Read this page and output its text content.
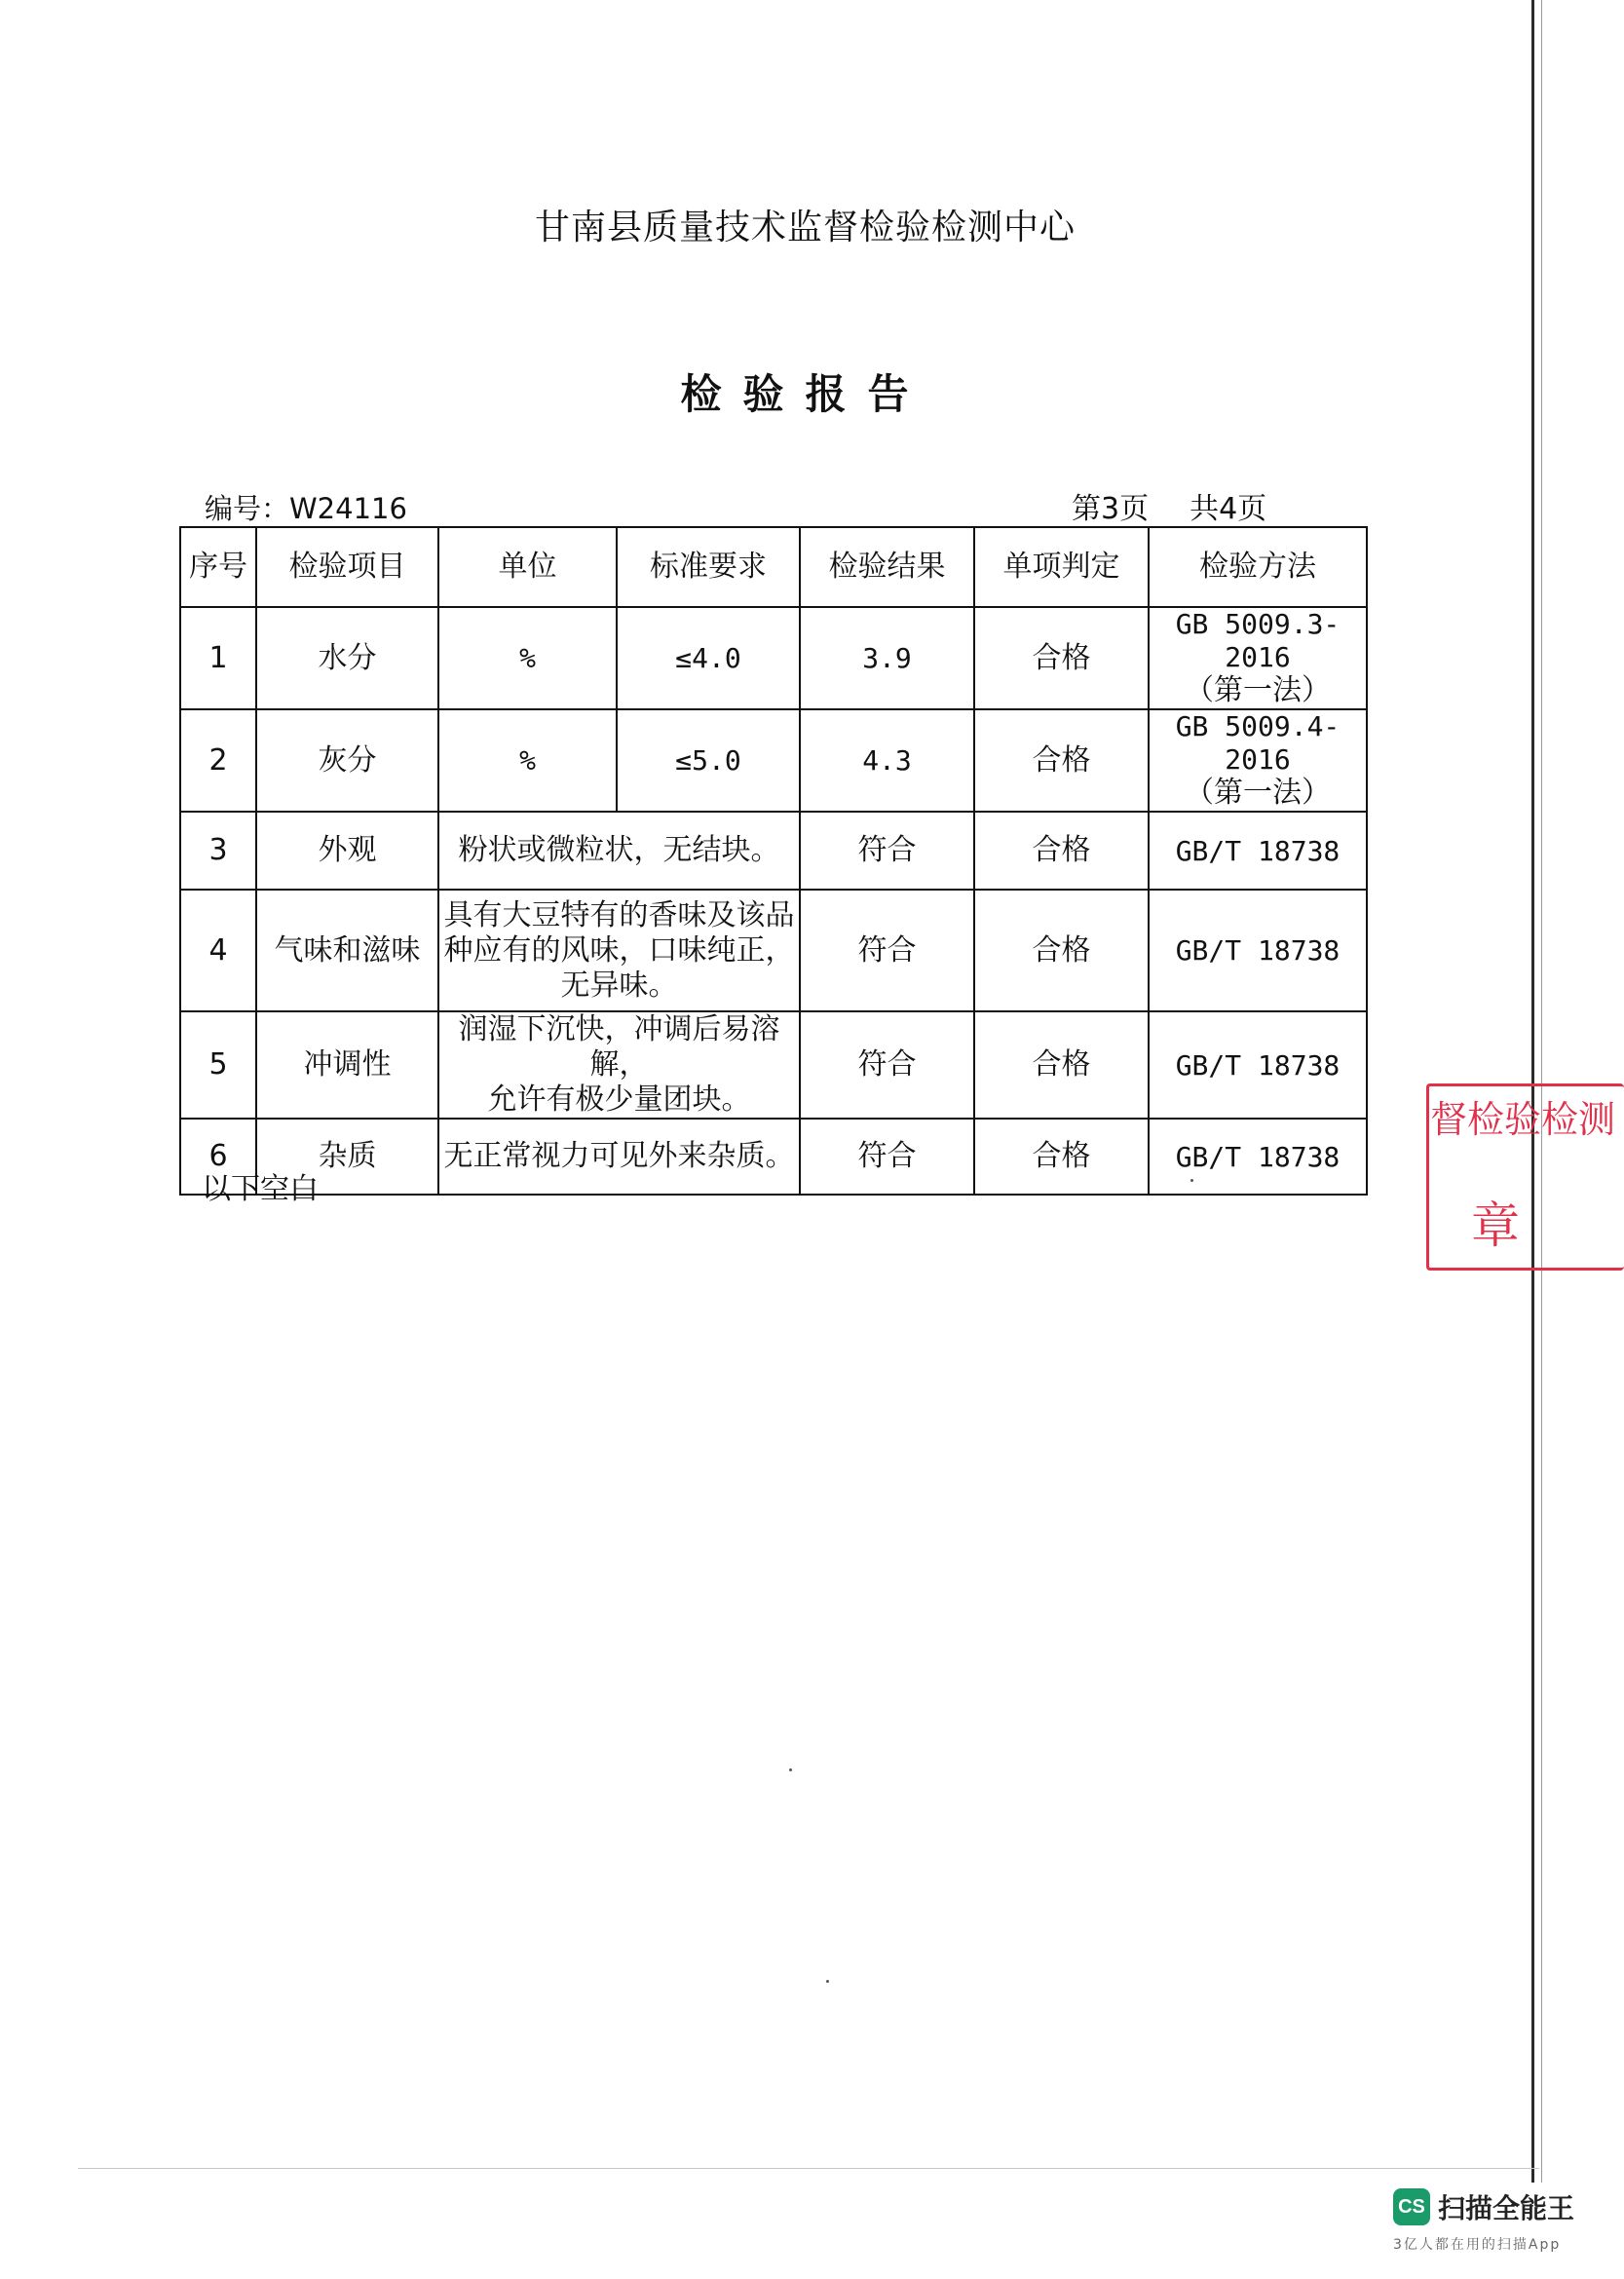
甘南县质量技术监督检验检测中心
检验报告
编号：W24116	第3页 共4页
序号	检验项目	单位	标准要求	检验结果	单项判定	检验方法
1	水分	%	≤4.0	3.9	合格	GB 5009.3-2016
（第一法）

2	灰分	%	≤5.0	4.3	合格	GB 5009.4-2016
（第一法）

3	外观	粉状或微粒状，无结块。		符合	合格	GB/T 18738
4	气味和滋味	具有大豆特有的香味及该品
种应有的风味，口味纯正，
无异味。		符合	合格	GB/T 18738
5	冲调性	润湿下沉快，冲调后易溶解，
允许有极少量团块。		符合	合格	GB/T 18738
6	杂质	无正常视力可见外来杂质。		符合	合格	GB/T 18738
以下空白
督检验检测
章
CS 扫描全能王
3亿人都在用的扫描App
